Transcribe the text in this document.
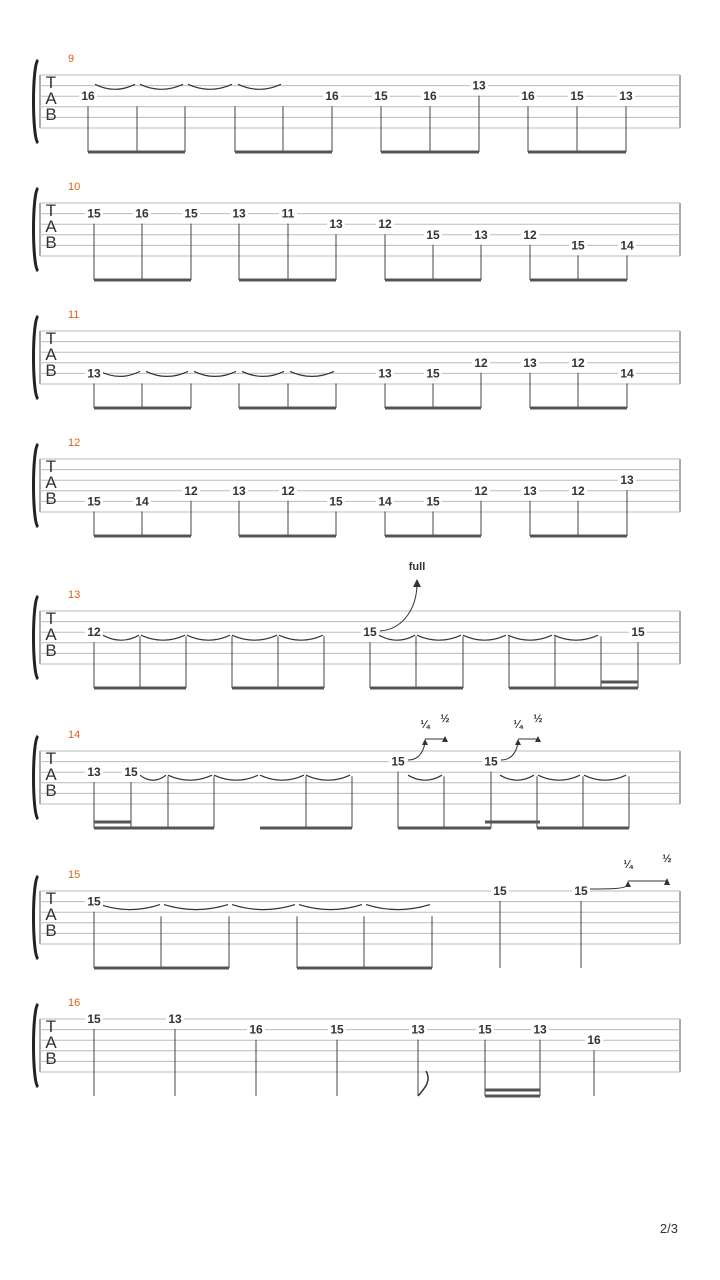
T
A
B
9
16	16	15	16
13
16	15	13
T
A
B
10
15	16	15	13	11
13	12
15	13	12
15	14
T
A
B
11
13	13	15
12	13	12
14
T
A
B
12
15	14
12	13	12
15	14	15
12	13	12
13
T
A
B
13
12	15	15
T
A
B
14
13 15
15	15
T
A
B
15
15
15	15
T
A
B
16
15	13
16	15	13	15	13
16
full
¼ ½	¼ ½
¼	½
2/3
